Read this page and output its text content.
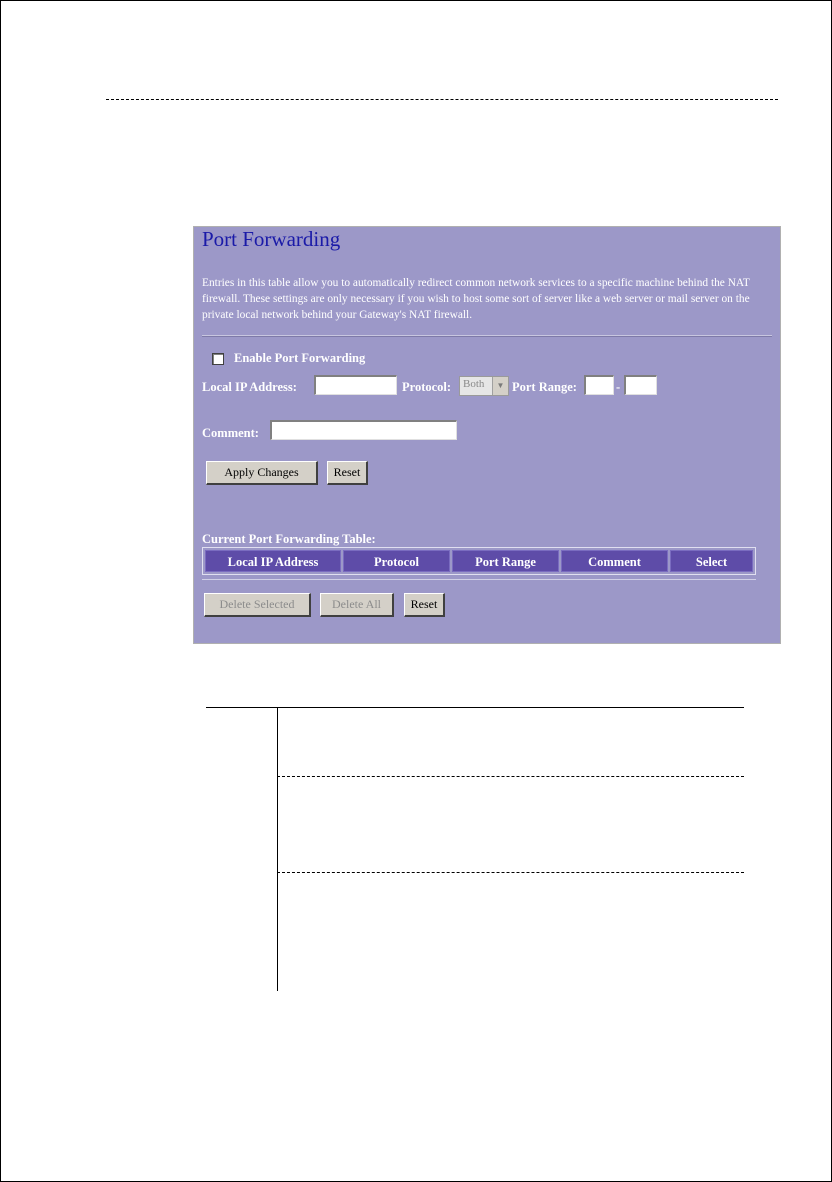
Port Forwarding
Entries in this table allow you to automatically redirect common network services to a specific machine behind the NAT firewall. These settings are only necessary if you wish to host some sort of server like a web server or mail server on the private local network behind your Gateway's NAT firewall.
Enable Port Forwarding
Local IP Address:	Protocol: Both	▼ Port Range:	-
Comment:
Apply Changes	Reset
Current Port Forwarding Table:
Local IP Address	Protocol	Port Range	Comment	Select
Delete Selected	Delete All	Reset
